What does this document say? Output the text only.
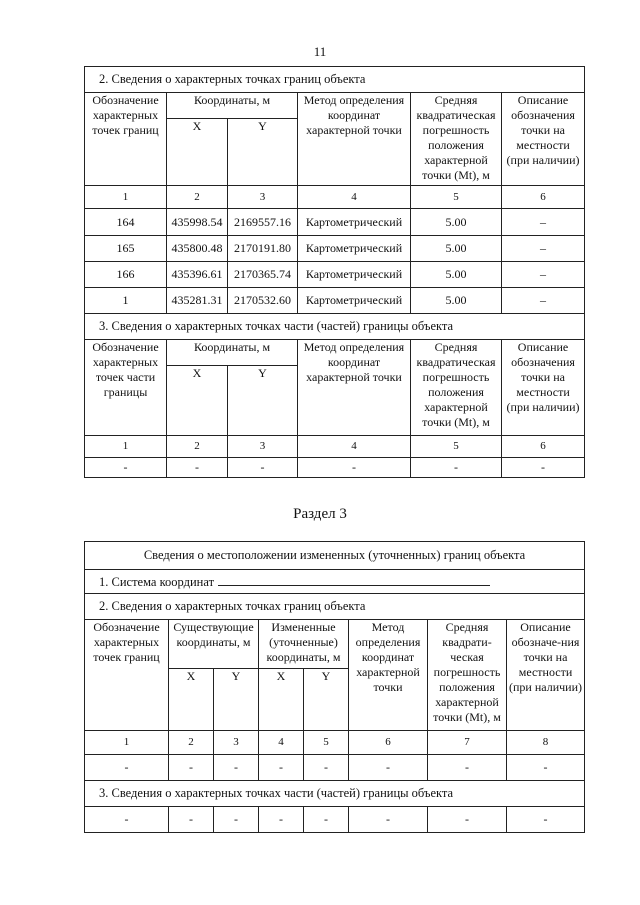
11
2. Сведения о характерных точках границ объекта					
Обозначение характерных точек границ	Координаты, м		Метод определения координат характерной точки	Средняя квадратическая погрешность положения характерной точки (Mt), м	Описание обозначения точки на местности (при наличии)
	X	Y			
1	2	3	4	5	6
164	435998.54	2169557.16	Картометрический	5.00	–
165	435800.48	2170191.80	Картометрический	5.00	–
166	435396.61	2170365.74	Картометрический	5.00	–
1	435281.31	2170532.60	Картометрический	5.00	–
3. Сведения о характерных точках части (частей) границы объекта					
Обозначение характерных точек части границы	Координаты, м		Метод определения координат характерной точки	Средняя квадратическая погрешность положения характерной точки (Mt), м	Описание обозначения точки на местности (при наличии)
	X	Y			
1	2	3	4	5	6
-	-	-	-	-	-
Раздел 3
Сведения о местоположении измененных (уточненных) границ объекта							
1. Система координат							
2. Сведения о характерных точках границ объекта							
Обозначение характерных точек границ	Существующие координаты, м		Измененные (уточненные) координаты, м		Метод определения координат характерной точки	Средняя квадрати-ческая погрешность положения характерной точки (Mt), м	Описание обозначе-ния точки на местности (при наличии)
	X	Y	X	Y			
1	2	3	4	5	6	7	8
-	-	-	-	-	-	-	-
3. Сведения о характерных точках части (частей) границы объекта							
-	-	-	-	-	-	-	-
